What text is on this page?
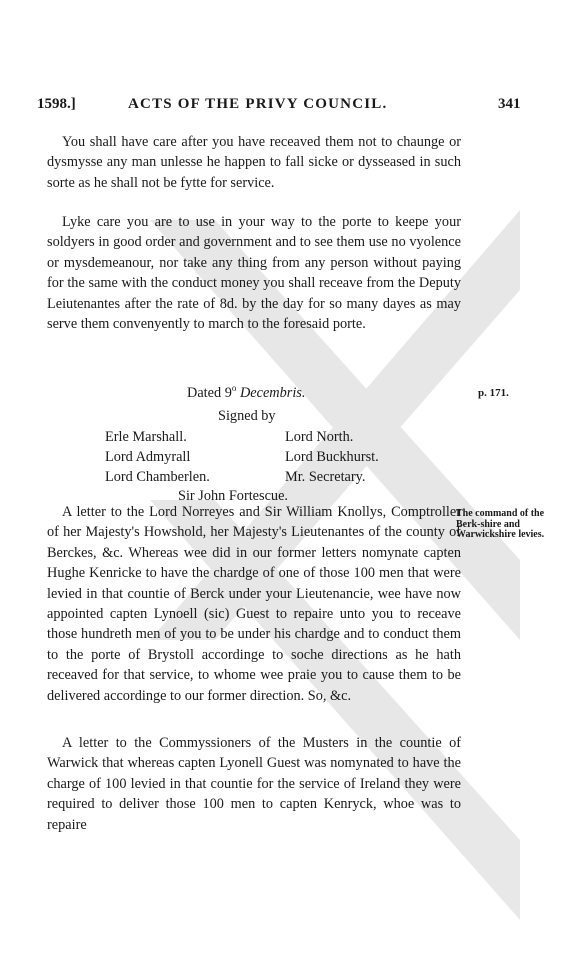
1598.]	ACTS OF THE PRIVY COUNCIL.	341
You shall have care after you have receaved them not to chaunge or dysmysse any man unlesse he happen to fall sicke or dysseased in such sorte as he shall not be fytte for service.
Lyke care you are to use in your way to the porte to keepe your soldyers in good order and government and to see them use no vyolence or mysdemeanour, nor take any thing from any person without paying for the same with the conduct money you shall receave from the Deputy Leiutenantes after the rate of 8d. by the day for so many dayes as may serve them convenyently to march to the foresaid porte.
Dated 9$^o$ Decembris.	p. 171.
Signed by
Erle Marshall.	Lord North.
Lord Admyrall	Lord Buckhurst.
Lord Chamberlen.	Mr. Secretary.
Sir John Fortescue.
A letter to the Lord Norreyes and Sir William Knollys, Comptroller of her Majesty's Howshold, her Majesty's Lieutenantes of the county of Berckes, &c. Whereas wee did in our former letters nomynate capten Hughe Kenricke to have the chardge of one of those 100 men that were levied in that countie of Berck under your Lieutenancie, wee have now appointed capten Lynoell (sic) Guest to repaire unto you to receave those hundreth men of you to be under his chardge and to conduct them to the porte of Brystoll accordinge to soche directions as he hath receaved for that service, to whome wee praie you to cause them to be delivered accordinge to our former direction. So, &c.
The command of the Berk-shire and Warwickshire levies.
A letter to the Commyssioners of the Musters in the countie of Warwick that whereas capten Lyonell Guest was nomynated to have the charge of 100 levied in that countie for the service of Ireland they were required to deliver those 100 men to capten Kenryck, whoe was to repaire
